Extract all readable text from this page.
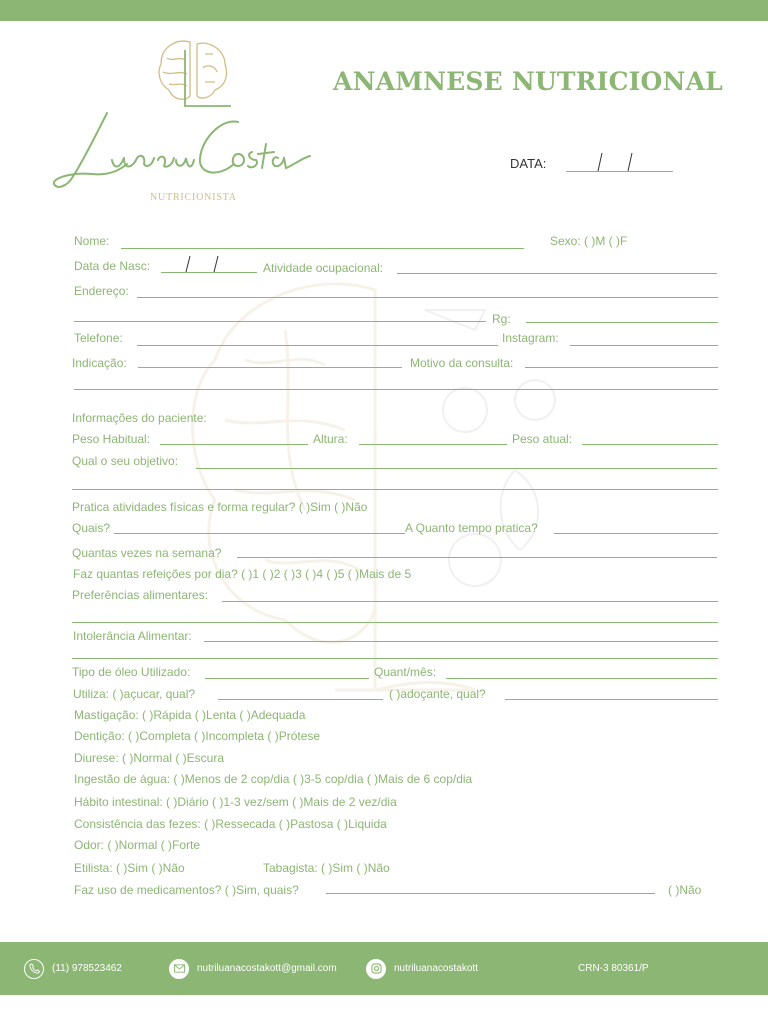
NUTRICIONISTA
ANAMNESE NUTRICIONAL
DATA:
Nome:	Sexo: ( )M ( )F
Data de Nasc:	Atividade ocupacional:
Endereço:
Rg:
Telefone:	Instagram:
Indicação:	Motivo da consulta:
Informações do paciente:
Peso Habitual:	Altura:	Peso atual:
Qual o seu objetivo:
Pratica atividades físicas e forma regular? ( )Sim ( )Não
Quais?	A Quanto tempo pratica?
Quantas vezes na semana?
Faz quantas refeições por dia? ( )1 ( )2 ( )3 ( )4 ( )5 ( )Mais de 5
Preferências alimentares:
Intolerância Alimentar:
Tipo de óleo Utilizado:	Quant/mês:
Utiliza: ( )açucar, qual?	( )adoçante, qual?
Mastigação: ( )Rápida ( )Lenta ( )Adequada
Dentição: ( )Completa ( )Incompleta ( )Prótese
Diurese: ( )Normal ( )Escura
Ingestão de água: ( )Menos de 2 cop/dia ( )3-5 cop/dia ( )Mais de 6 cop/dia
Hábito intestinal: ( )Diário ( )1-3 vez/sem ( )Mais de 2 vez/dia
Consistência das fezes: ( )Ressecada ( )Pastosa ( )Liquida
Odor: ( )Normal ( )Forte
Etilista: ( )Sim ( )Não	Tabagista: ( )Sim ( )Não
Faz uso de medicamentos? ( )Sim, quais?	( )Não
(11) 978523462	nutriluanacostakott@gmail.com	nutriluanacostakott	CRN-3 80361/P
